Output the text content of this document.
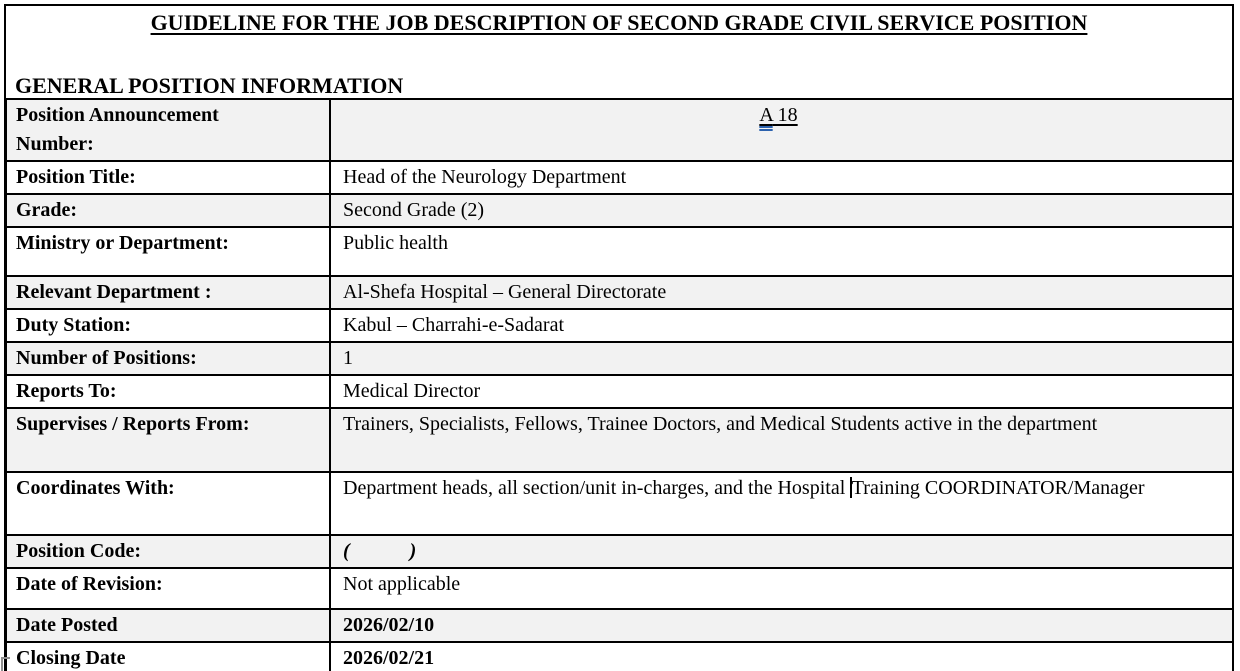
GUIDELINE FOR THE JOB DESCRIPTION OF SECOND GRADE CIVIL SERVICE POSITION
GENERAL POSITION INFORMATION
Position Announcement Number:	A 18
Position Title:	Head of the Neurology Department
Grade:	Second Grade (2)
Ministry or Department:	Public health
Relevant Department :	Al-Shefa Hospital – General Directorate
Duty Station:	Kabul – Charrahi-e-Sadarat
Number of Positions:	1
Reports To:	Medical Director

Supervises / Reports From:	Trainers, Specialists, Fellows, Trainee Doctors, and Medical Students active in the department
Coordinates With:	Department heads, all section/unit in-charges, and the Hospital Training COORDINATOR/Manager
Position Code:	(            )
Date of Revision:	Not applicable
Date Posted	2026/02/10
Closing Date	2026/02/21
